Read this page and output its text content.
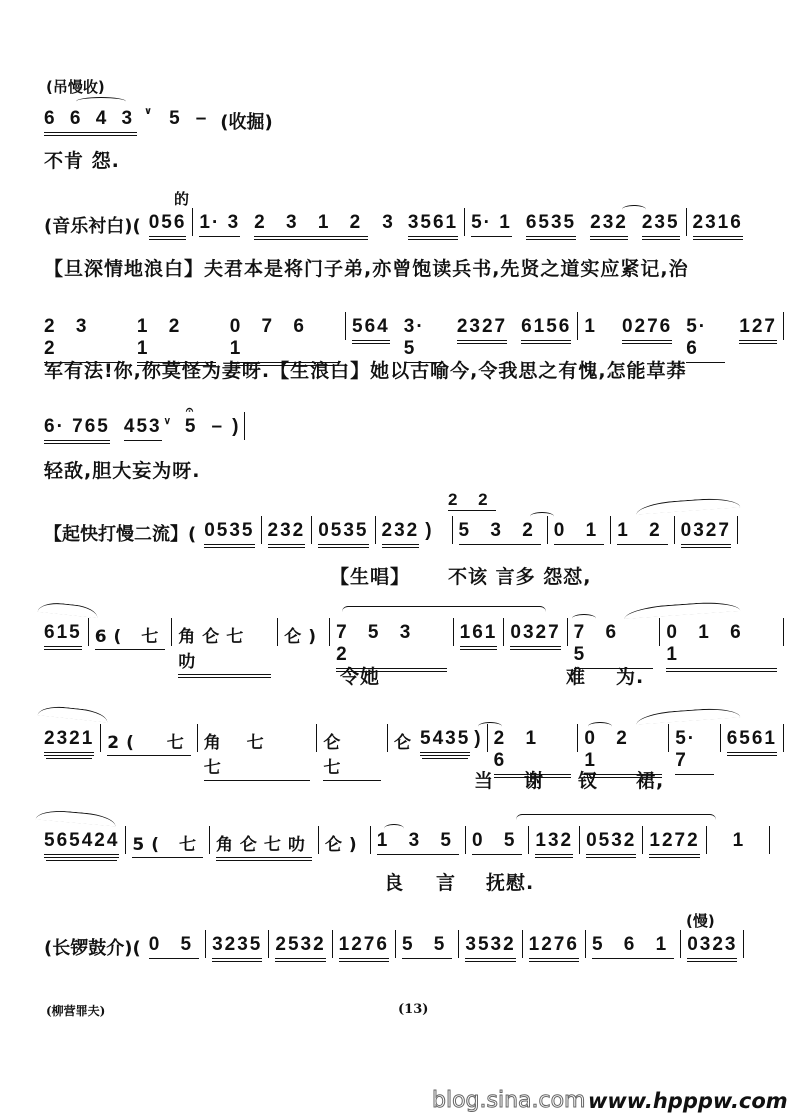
(吊慢收)
6 6 4 3 ∨ 5 – (收掘)
不肯 怨.
的
(音乐衬白)( 056 1· 3 2 3 1 2 3 3561 5· 1 6535 232 235 2316
【旦深情地浪白】夫君本是将门子弟,亦曾饱读兵书,先贤之道实应紧记,治
2 3 2
1 2 1
0 7 6 1
564 3· 5
2327 6156 1 0276 5· 6
127
军有法!你,你莫怪为妻呀.【生浪白】她以古喻今,令我思之有愧,怎能草莽
6· 765 453 ∨
𝄐
5 – )
轻敌,胆大妄为呀.
2 2
【起快打慢二流】( 0535 232 0535 232 ) 5 3 2 0 1 1 2 0327
【生唱】 不该 言多 怨怼,
615 6( 七 角仑七叻
仑) 7 5 3 2
161 0327 7 6 5
0 1 6 1
令她	难 为.
2321 2( 七 角 七 七
仑 七
仑 5435 ) 2 1 6
0 2 1
5· 7
6561
当 谢 钗 裙,
565424 5( 七 角仑七叻 仑) 1 3 5 0 5 132 0532 1272 1
良 言 抚慰.
(慢)
(长锣鼓介)( 0 5 3235 2532 1276 5 5 3532 1276 5 6 1 0323
(柳营罪夫)	(13)
blog.sina.com www.hpppw.com
